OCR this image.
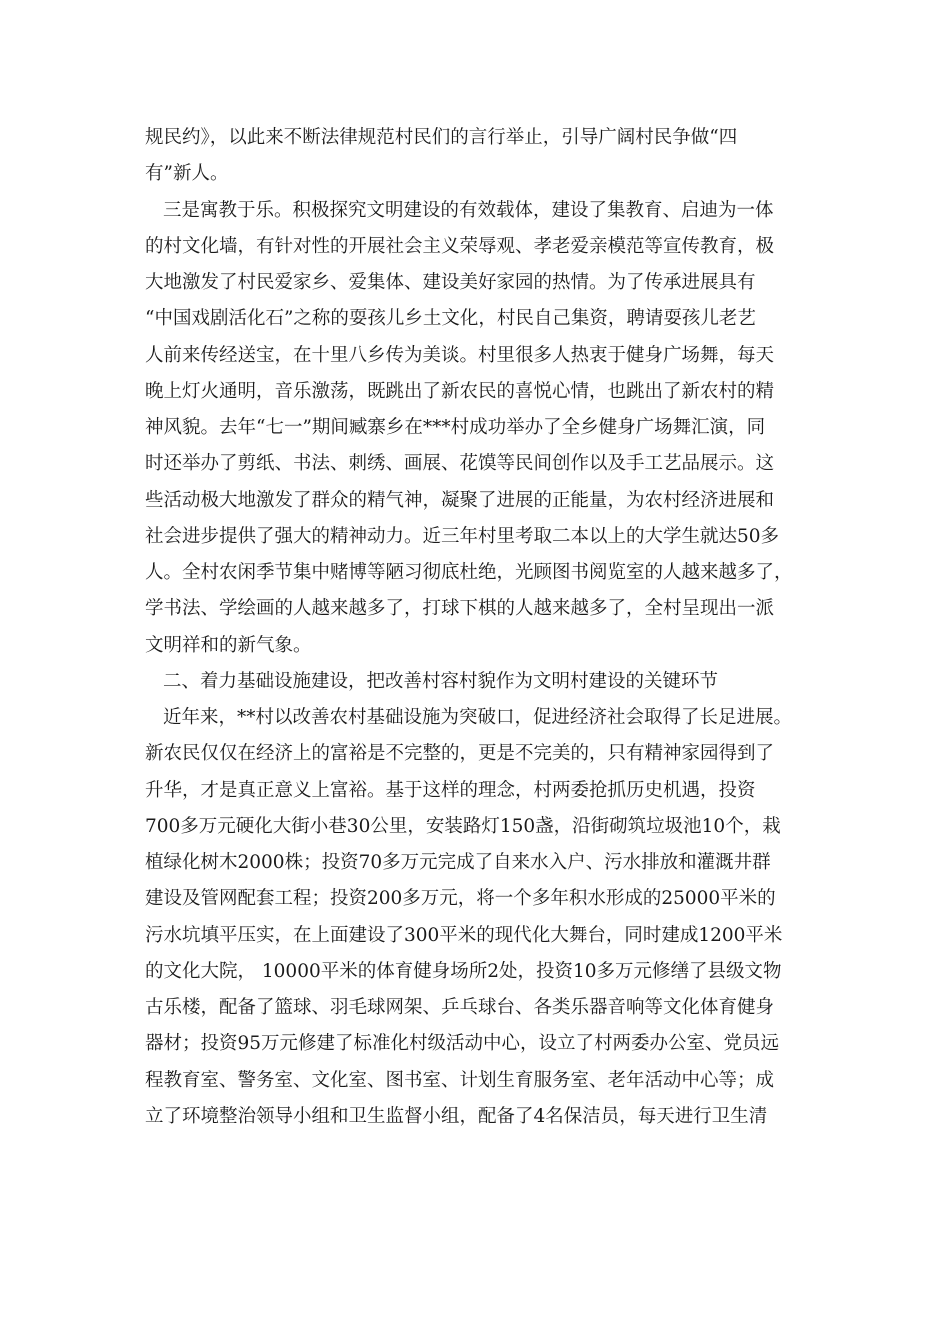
规民约》，以此来不断法律规范村民们的言行举止，引导广阔村民争做“四
有”新人。
三是寓教于乐。积极探究文明建设的有效载体，建设了集教育、启迪为一体
的村文化墙，有针对性的开展社会主义荣辱观、孝老爱亲模范等宣传教育，极
大地激发了村民爱家乡、爱集体、建设美好家园的热情。为了传承进展具有
“中国戏剧活化石”之称的耍孩儿乡土文化，村民自己集资，聘请耍孩儿老艺
人前来传经送宝，在十里八乡传为美谈。村里很多人热衷于健身广场舞，每天
晚上灯火通明，音乐激荡，既跳出了新农民的喜悦心情，也跳出了新农村的精
神风貌。去年“七一”期间臧寨乡在***村成功举办了全乡健身广场舞汇演，同
时还举办了剪纸、书法、刺绣、画展、花馍等民间创作以及手工艺品展示。这
些活动极大地激发了群众的精气神，凝聚了进展的正能量，为农村经济进展和
社会进步提供了强大的精神动力。近三年村里考取二本以上的大学生就达50多
人。全村农闲季节集中赌博等陋习彻底杜绝，光顾图书阅览室的人越来越多了，
学书法、学绘画的人越来越多了，打球下棋的人越来越多了，全村呈现出一派
文明祥和的新气象。
二、着力基础设施建设，把改善村容村貌作为文明村建设的关键环节
近年来，**村以改善农村基础设施为突破口，促进经济社会取得了长足进展。
新农民仅仅在经济上的富裕是不完整的，更是不完美的，只有精神家园得到了
升华，才是真正意义上富裕。基于这样的理念，村两委抢抓历史机遇，投资
700多万元硬化大街小巷30公里，安装路灯150盏，沿街砌筑垃圾池10个，栽
植绿化树木2000株；投资70多万元完成了自来水入户、污水排放和灌溉井群
建设及管网配套工程；投资200多万元，将一个多年积水形成的25000平米的
污水坑填平压实，在上面建设了300平米的现代化大舞台，同时建成1200平米
的文化大院， 10000平米的体育健身场所2处，投资10多万元修缮了县级文物
古乐楼，配备了篮球、羽毛球网架、乒乓球台、各类乐器音响等文化体育健身
器材；投资95万元修建了标准化村级活动中心，设立了村两委办公室、党员远
程教育室、警务室、文化室、图书室、计划生育服务室、老年活动中心等；成
立了环境整治领导小组和卫生监督小组，配备了4名保洁员，每天进行卫生清
